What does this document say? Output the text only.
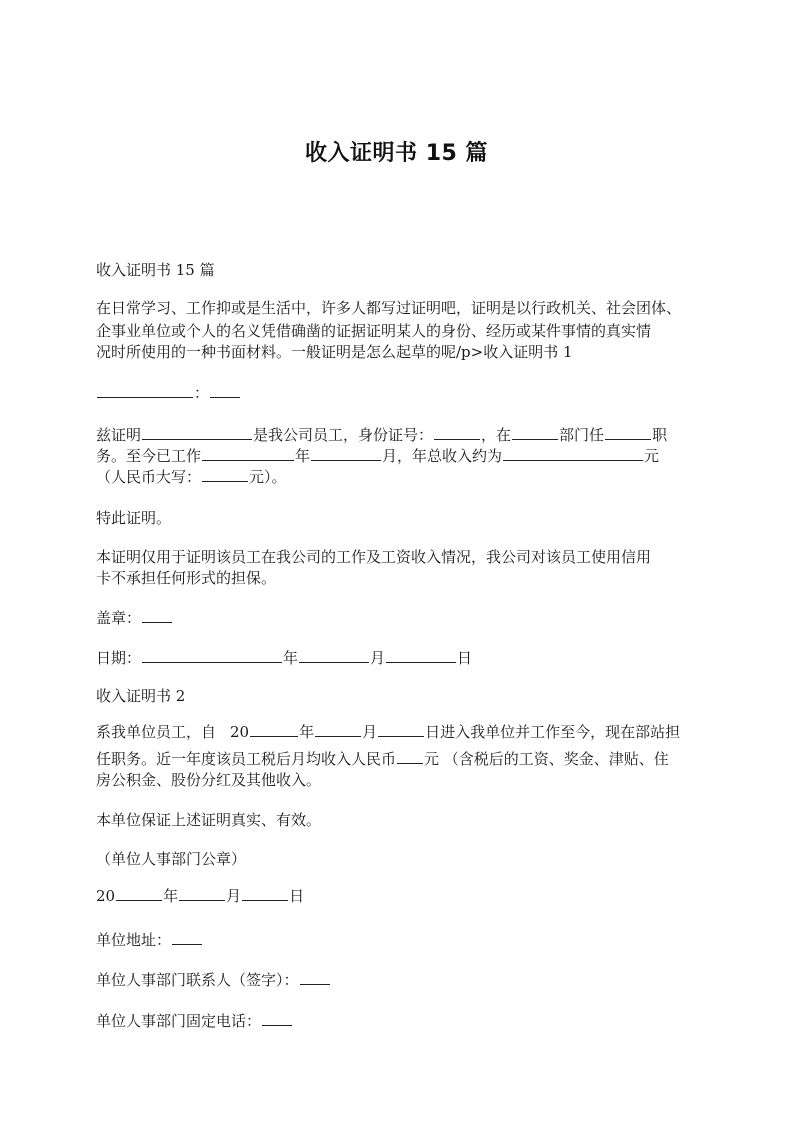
收入证明书 15 篇
收入证明书 15 篇
在日常学习、工作抑或是生活中，许多人都写过证明吧，证明是以行政机关、社会团体、
企事业单位或个人的名义凭借确凿的证据证明某人的身份、经历或某件事情的真实情
况时所使用的一种书面材料。一般证明是怎么起草的呢/p>收入证明书 1
：
兹证明	是我公司员工，身份证号：	，在	部门任	职
务。至今已工作	年	月，年总收入约为	元
（人民币大写：	元）。
特此证明。
本证明仅用于证明该员工在我公司的工作及工资收入情况，我公司对该员工使用信用
卡不承担任何形式的担保。
盖章：
日期：	年	月	日
收入证明书 2
系我单位员工，自 20	年	月	日进入我单位并工作至今，现在部站担
任职务。近一年度该员工税后月均收入人民币 元 （含税后的工资、奖金、津贴、住
房公积金、股份分红及其他收入。
本单位保证上述证明真实、有效。
（单位人事部门公章）
20	年	月	日
单位地址：
单位人事部门联系人（签字）：
单位人事部门固定电话：
